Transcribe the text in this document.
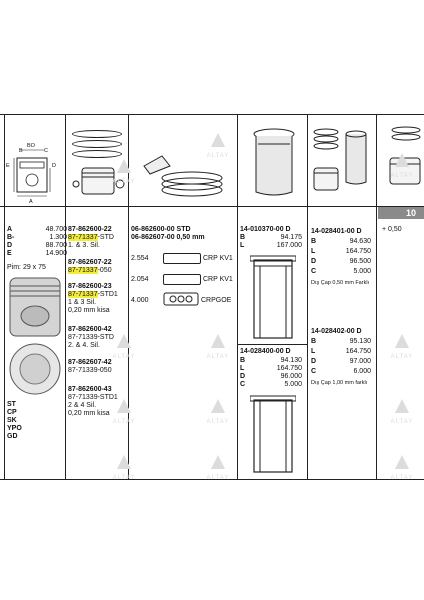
10
BO
B	C
D
E
A
▲
ALTAY
▲
ALTAY	▲
ALTAY
▲
ALTAY
▲
ALTAY
▲
ALTAY
▲
ALTAY
▲
ALTAY
▲
ALTAY
▲
ALTAY
▲
ALTAY
▲
ALTAY
A	48.700
B-	1.300
D	88.700
E	14.900
Pim: 29 x 75
ST
CP
SK
YPO
GD
87-862600-22
87-71337-STD
1. & 3. Sil.
87-862607-22
87-71337-050
87-862600-23
87-71337-STD1
1 & 3 Sil.
0,20 mm kisa
87-862600-42
87-71339-STD
2. & 4. Sil.
87-862607-42
87-71339-050
87-862600-43
87-71339-STD1
2 & 4 Sil.
0,20 mm kisa
06-862600-00 STD
06-862607-00 0,50 mm
2.554	CRP KV1
2.054	CRP KV1
4.000	CRPGOE
14-010370-00 D
B	94.175
L	167.000
14-028400-00 D
B	94.130
L	164.750
D	96.000
C	5.000
14-028401-00 D
B	94.630
L	164.750
D	96.500
C	5.000
Dış Çap 0,50 mm Farklı
14-028402-00 D
B	95.130
L	164.750
D	97.000
C	6.000
Dış Çap 1,00 mm farklı
+ 0,50
